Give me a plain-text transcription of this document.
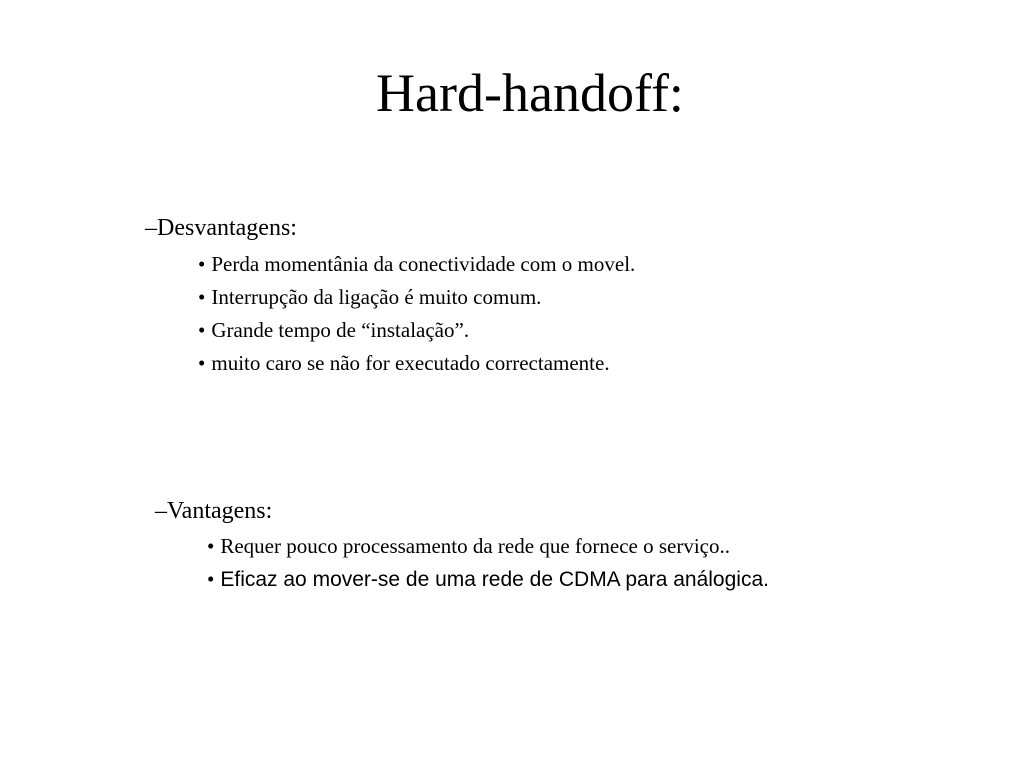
Hard-handoff:
–Desvantagens:
• Perda momentânia da conectividade com o movel.
• Interrupção da ligação é muito comum.
• Grande tempo de “instalação”.
• muito caro se não for executado correctamente.
–Vantagens:
• Requer pouco processamento da rede que fornece o serviço..
• Eficaz ao mover-se de uma rede de CDMA para análogica.
